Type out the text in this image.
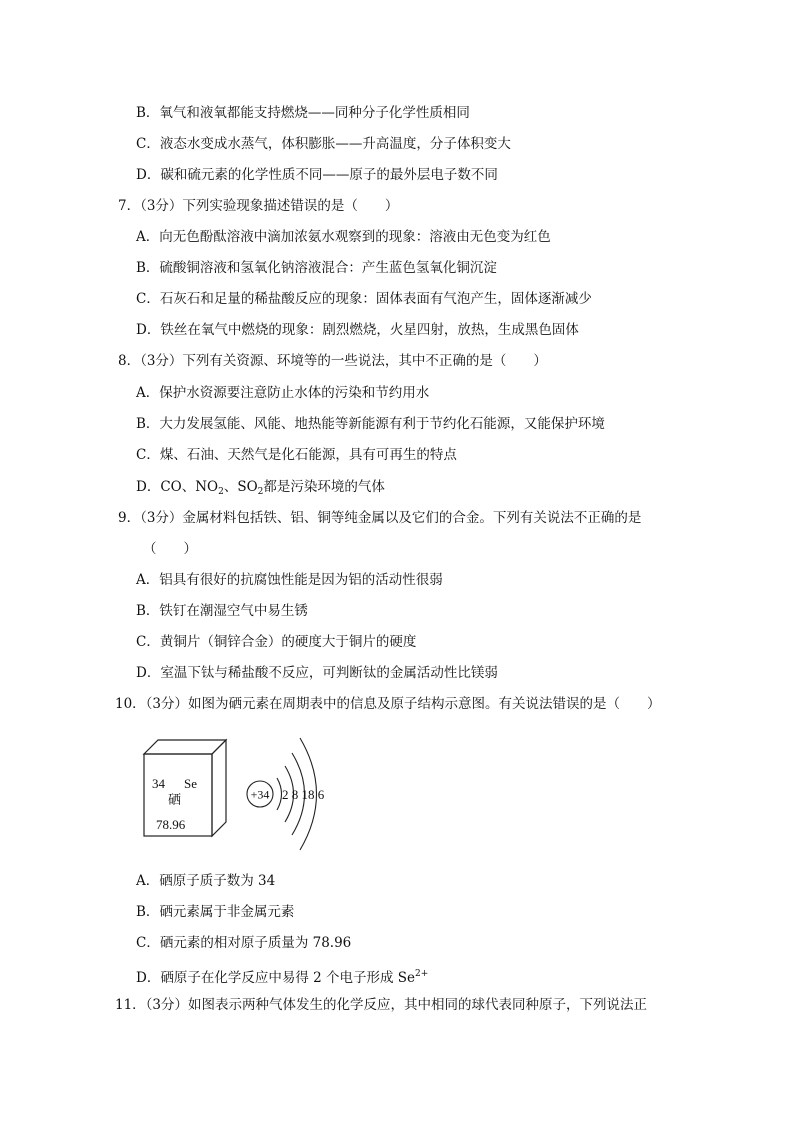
B．氧气和液氧都能支持燃烧——同种分子化学性质相同
C．液态水变成水蒸气，体积膨胀——升高温度，分子体积变大
D．碳和硫元素的化学性质不同——原子的最外层电子数不同
7．（3分）下列实验现象描述错误的是（　　）
A．向无色酚酞溶液中滴加浓氨水观察到的现象：溶液由无色变为红色
B．硫酸铜溶液和氢氧化钠溶液混合：产生蓝色氢氧化铜沉淀
C．石灰石和足量的稀盐酸反应的现象：固体表面有气泡产生，固体逐渐减少
D．铁丝在氧气中燃烧的现象：剧烈燃烧，火星四射，放热，生成黑色固体
8．（3分）下列有关资源、环境等的一些说法，其中不正确的是（　　）
A．保护水资源要注意防止水体的污染和节约用水
B．大力发展氢能、风能、地热能等新能源有利于节约化石能源，又能保护环境
C．煤、石油、天然气是化石能源，具有可再生的特点
D．CO、$NO_2$、$SO_2$都是污染环境的气体
9．（3分）金属材料包括铁、铝、铜等纯金属以及它们的合金。下列有关说法不正确的是
（　　）
A．铝具有很好的抗腐蚀性能是因为铝的活动性很弱
B．铁钉在潮湿空气中易生锈
C．黄铜片（铜锌合金）的硬度大于铜片的硬度
D．室温下钛与稀盐酸不反应，可判断钛的金属活动性比镁弱
10．（3分）如图为硒元素在周期表中的信息及原子结构示意图。有关说法错误的是（　　）
34 Se
硒
78.96
+34 2 8 18 6
A．硒原子质子数为 34
B．硒元素属于非金属元素
C．硒元素的相对原子质量为 78.96
D．硒原子在化学反应中易得 2 个电子形成 $Se^{2+}$
11．（3分）如图表示两种气体发生的化学反应，其中相同的球代表同种原子，下列说法正
